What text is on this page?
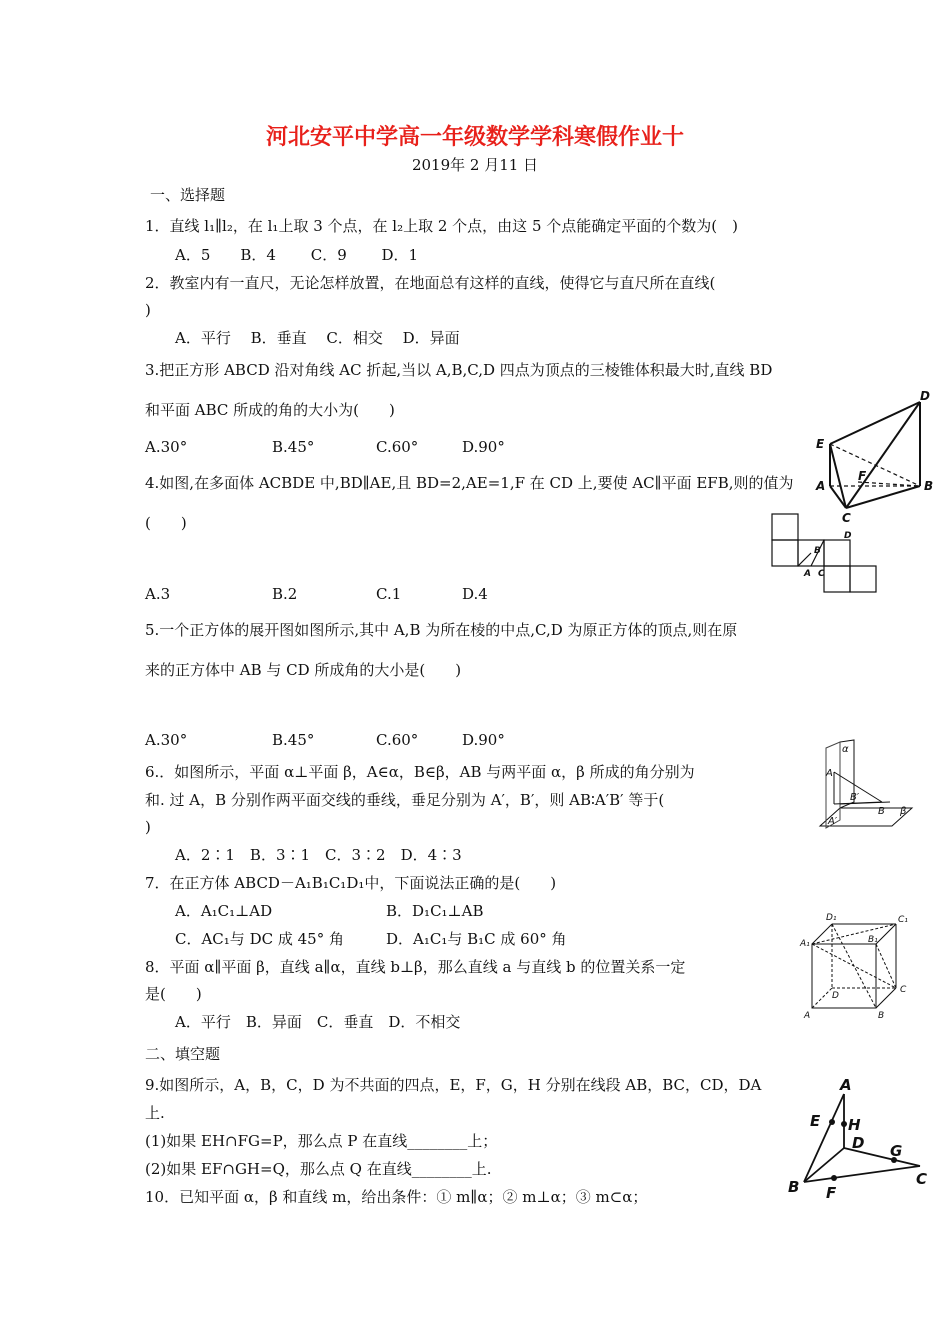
河北安平中学高一年级数学学科寒假作业十
2019年 2 月11 日
一、选择题
1．直线 l₁∥l₂，在 l₁上取 3 个点，在 l₂上取 2 个点，由这 5 个点能确定平面的个数为(　)
A．5　　B．4　　 C．9　　 D．1
2．教室内有一直尺，无论怎样放置，在地面总有这样的直线，使得它与直尺所在直线(
)
A．平行　 B．垂直　 C．相交　 D．异面
3.把正方形 ABCD 沿对角线 AC 折起,当以 A,B,C,D 四点为顶点的三棱锥体积最大时,直线 BD
和平面 ABC 所成的角的大小为(　　)
A.30°	B.45°	C.60°	D.90°
D
E
A
F
B
C
4.如图,在多面体 ACBDE 中,BD∥AE,且 BD=2,AE=1,F 在 CD 上,要使 AC∥平面 EFB,则的值为
(　　)
A.3	B.2	C.1	D.4
D
B
A C
5.一个正方体的展开图如图所示,其中 A,B 为所在棱的中点,C,D 为原正方体的顶点,则在原
来的正方体中 AB 与 CD 所成角的大小是(　　)
A.30°	B.45°	C.60°	D.90°
α
A
B′
B β
A′
6.．如图所示，平面 α⊥平面 β，A∈α，B∈β，AB 与两平面 α，β 所成的角分别为
和. 过 A，B 分别作两平面交线的垂线，垂足分别为 A′，B′，则 AB∶A′B′ 等于(
)
A．2∶1　B．3∶1　C．3∶2　D．4∶3
7．在正方体 ABCD－A₁B₁C₁D₁中，下面说法正确的是(　　)
A．A₁C₁⊥AD	B．D₁C₁⊥AB
C．AC₁与 DC 成 45° 角	D．A₁C₁与 B₁C 成 60° 角
D₁	C₁
A₁	B₁
D
C
A	B
8．平面 α∥平面 β，直线 a∥α，直线 b⊥β，那么直线 a 与直线 b 的位置关系一定
是(　　)
A．平行　B．异面　C．垂直　D．不相交
二、填空题
9.如图所示，A，B，C，D 为不共面的四点，E，F，G，H 分别在线段 AB，BC，CD，DA
上.
(1)如果 EH∩FG=P，那么点 P 在直线________上；
(2)如果 EF∩GH=Q，那么点 Q 在直线________上.
A
E H
D G
B F
C
10．已知平面 α，β 和直线 m，给出条件：① m∥α；② m⊥α；③ m⊂α；
